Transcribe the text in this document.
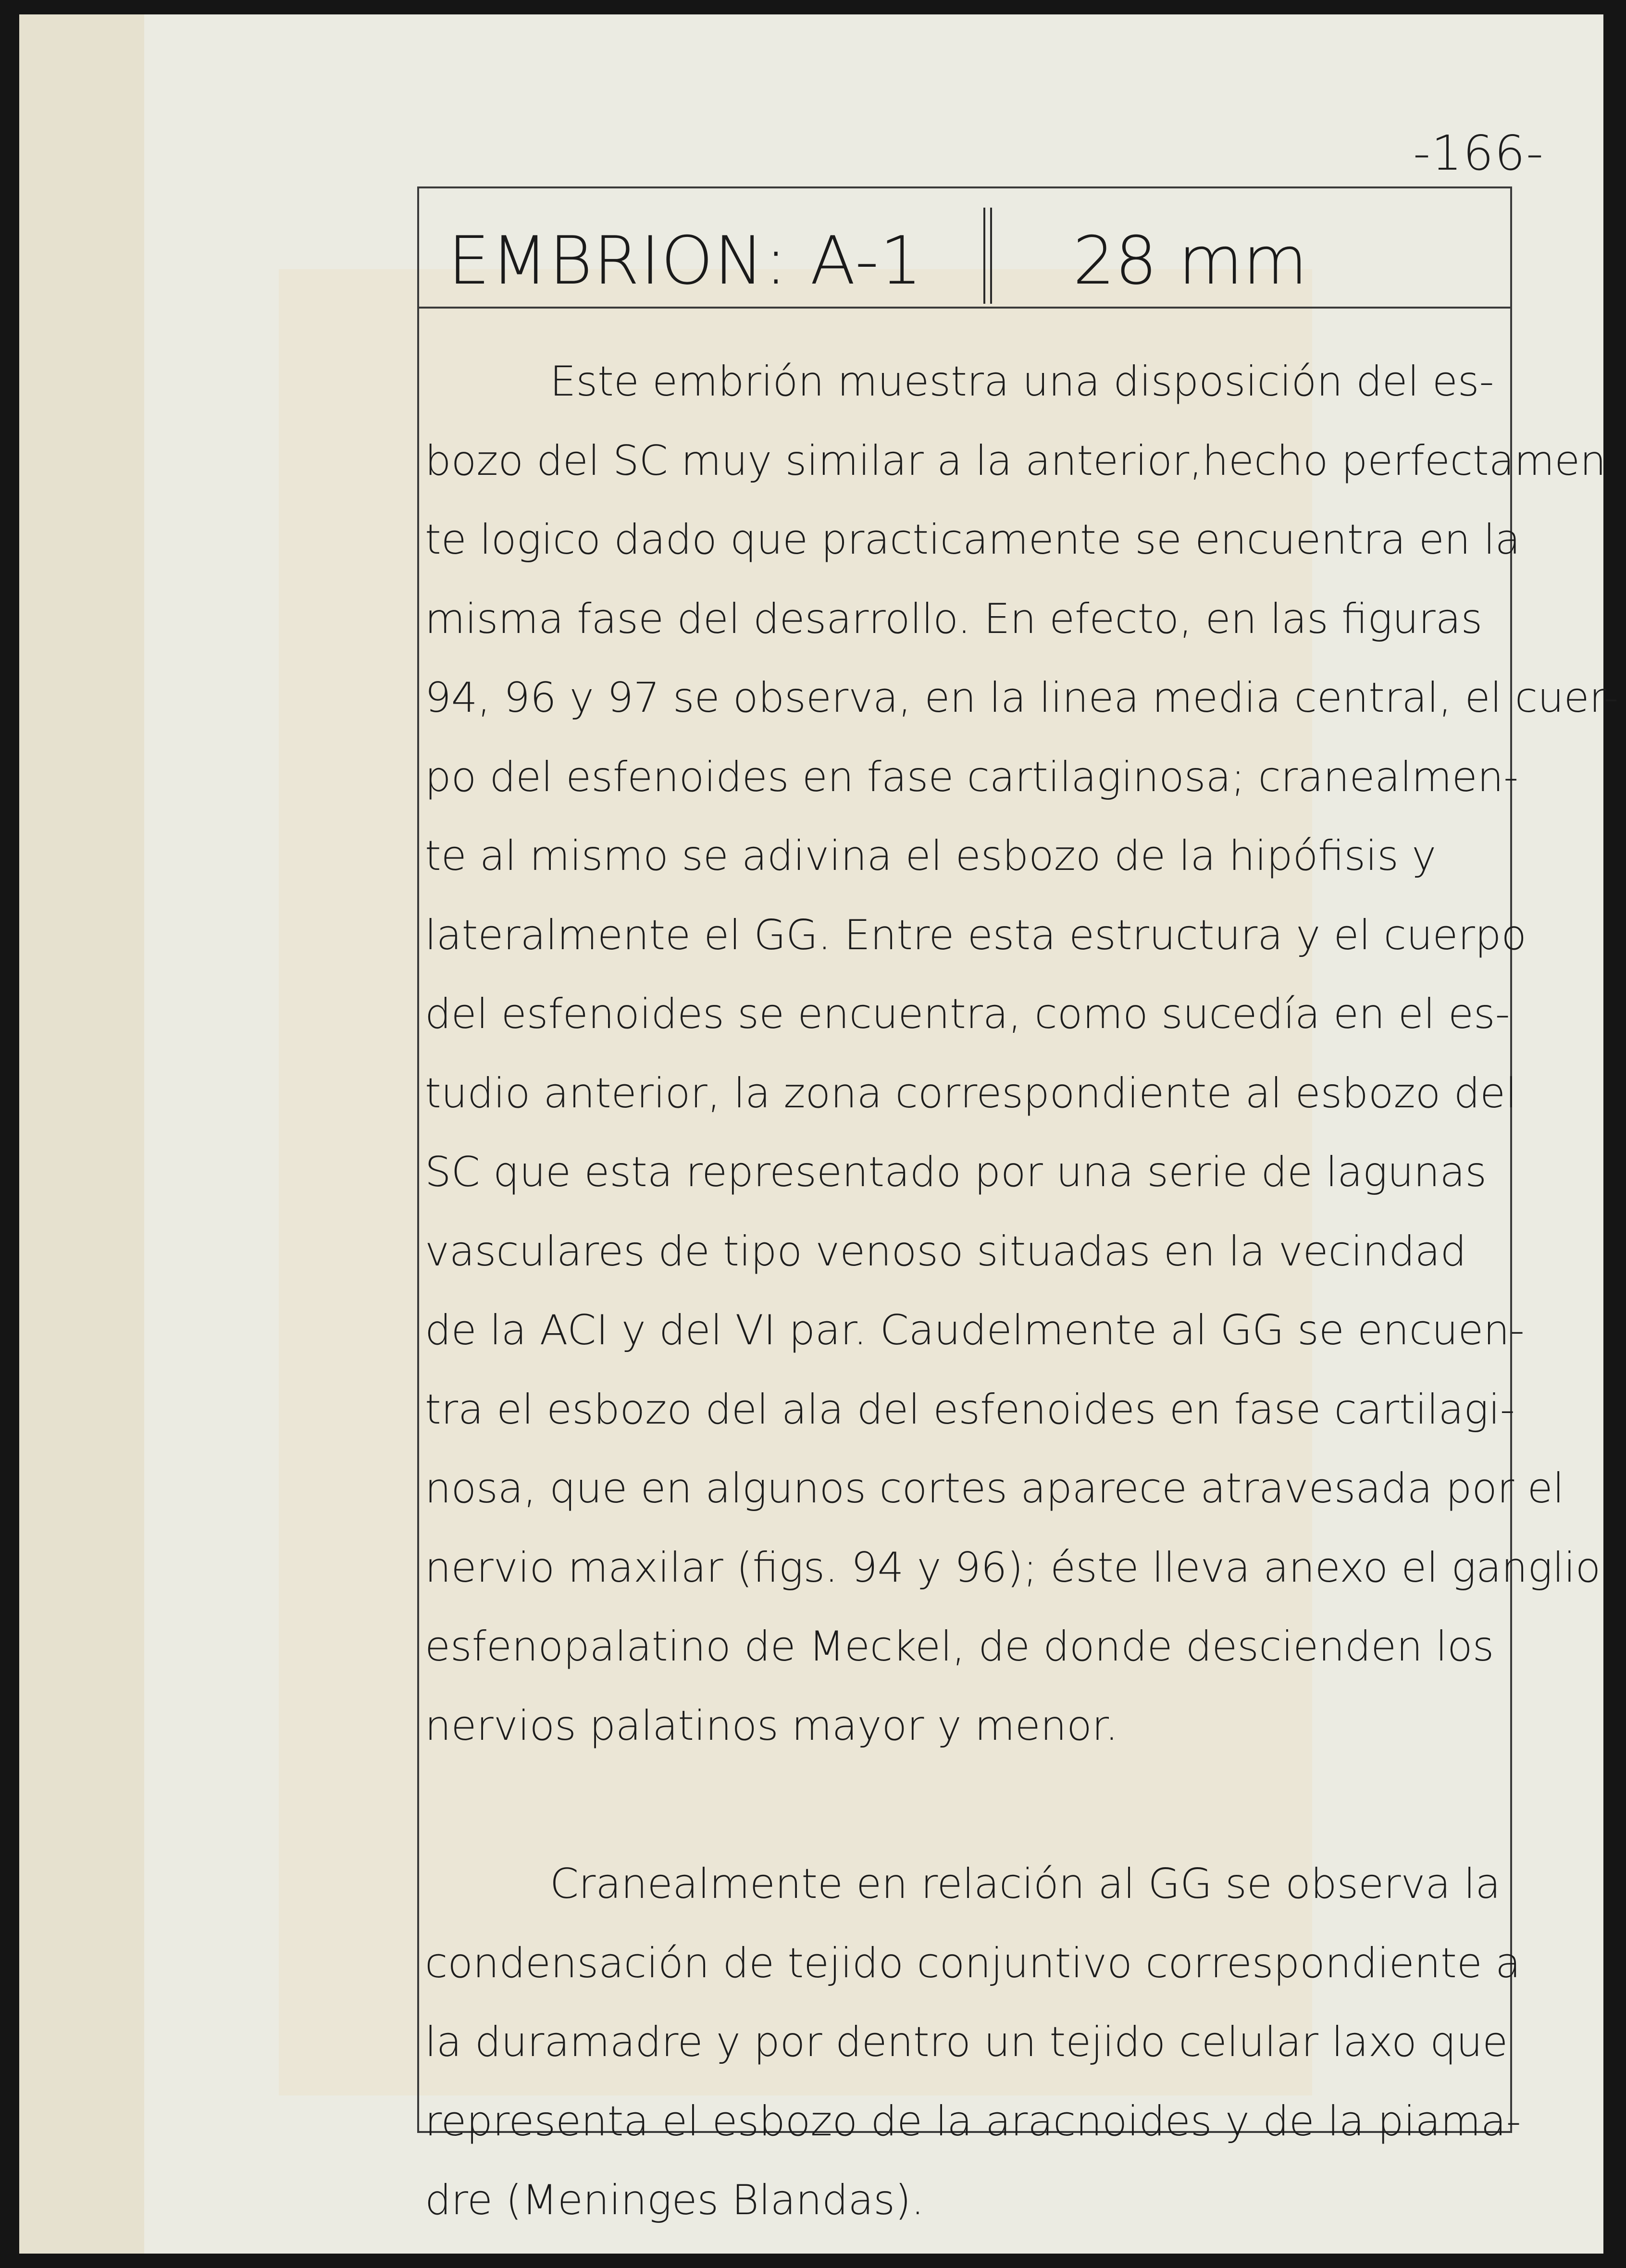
-166-
EMBRION: A-1 28 mm
Este embrión muestra una disposición del es-
bozo del SC muy similar a la anterior,hecho perfectamen
te logico dado que practicamente se encuentra en la
misma fase del desarrollo. En efecto, en las figuras
94, 96 y 97 se observa, en la linea media central, el cuer-
po del esfenoides en fase cartilaginosa; cranealmen-
te al mismo se adivina el esbozo de la hipófisis y
lateralmente el GG. Entre esta estructura y el cuerpo
del esfenoides se encuentra, como sucedía en el es-
tudio anterior, la zona correspondiente al esbozo del
SC que esta representado por una serie de lagunas
vasculares de tipo venoso situadas en la vecindad
de la ACI y del VI par. Caudelmente al GG se encuen-
tra el esbozo del ala del esfenoides en fase cartilagi-
nosa, que en algunos cortes aparece atravesada por el
nervio maxilar (figs. 94 y 96); éste lleva anexo el ganglio
esfenopalatino de Meckel, de donde descienden los
nervios palatinos mayor y menor.
Cranealmente en relación al GG se observa la
condensación de tejido conjuntivo correspondiente a
la duramadre y por dentro un tejido celular laxo que
representa el esbozo de la aracnoides y de la piama-
dre (Meninges Blandas).
